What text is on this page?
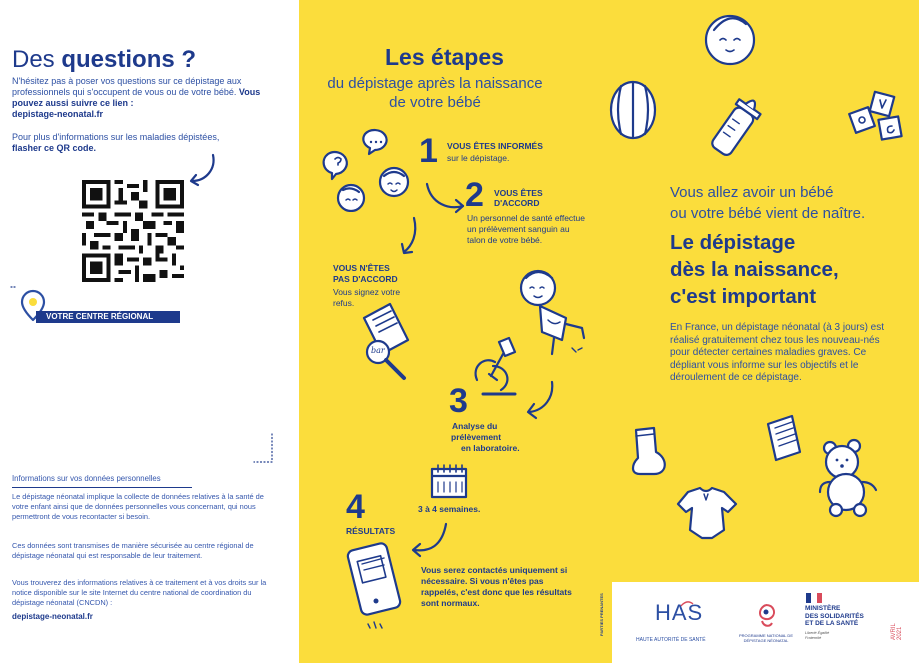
Des questions ?
N'hésitez pas à poser vos questions sur ce dépistage aux professionnels qui s'occupent de vous ou de votre bébé. Vous pouvez aussi suivre ce lien :
depistage-neonatal.fr
Pour plus d'informations sur les maladies dépistées,
flasher ce QR code.
VOTRE CENTRE RÉGIONAL
Informations sur vos données personnelles
Le dépistage néonatal implique la collecte de données relatives à la santé de votre enfant ainsi que de données personnelles vous concernant, qui nous permettront de vous recontacter si besoin.
Ces données sont transmises de manière sécurisée au centre régional de dépistage néonatal qui est responsable de leur traitement.
Vous trouverez des informations relatives à ce traitement et à vos droits sur la notice disponible sur le site Internet du centre national de coordination du dépistage néonatal (CNCDN) :
depistage-neonatal.fr
Les étapes
du dépistage après la naissance de votre bébé
1 VOUS ÊTES INFORMÉS
sur le dépistage.
2 VOUS ÊTES
D'ACCORD
Un personnel de santé effectue un prélèvement sanguin au talon de votre bébé.
VOUS N'ÊTES
PAS D'ACCORD
Vous signez votre refus.
bar
3
Analyse du
prélèvement
en laboratoire.
3 à 4 semaines.
4
RÉSULTATS
Vous serez contactés uniquement si nécessaire. Si vous n'êtes pas rappelés, c'est donc que les résultats sont normaux.
Vous allez avoir un bébé
ou votre bébé vient de naître.
Le dépistage
dès la naissance,
c'est important
En France, un dépistage néonatal (à 3 jours) est réalisé gratuitement chez tous les nouveau-nés pour détecter certaines maladies graves. Ce dépliant vous informe sur les objectifs et le déroulement de ce dépistage.
PARTIES PRENANTES HAS
HAUTE AUTORITÉ DE SANTÉ
PROGRAMME NATIONAL DE DÉPISTAGE NÉONATAL
MINISTÈRE
DES SOLIDARITÉS
ET DE LA SANTÉ
Liberté Égalité Fraternité	AVRIL 2021
